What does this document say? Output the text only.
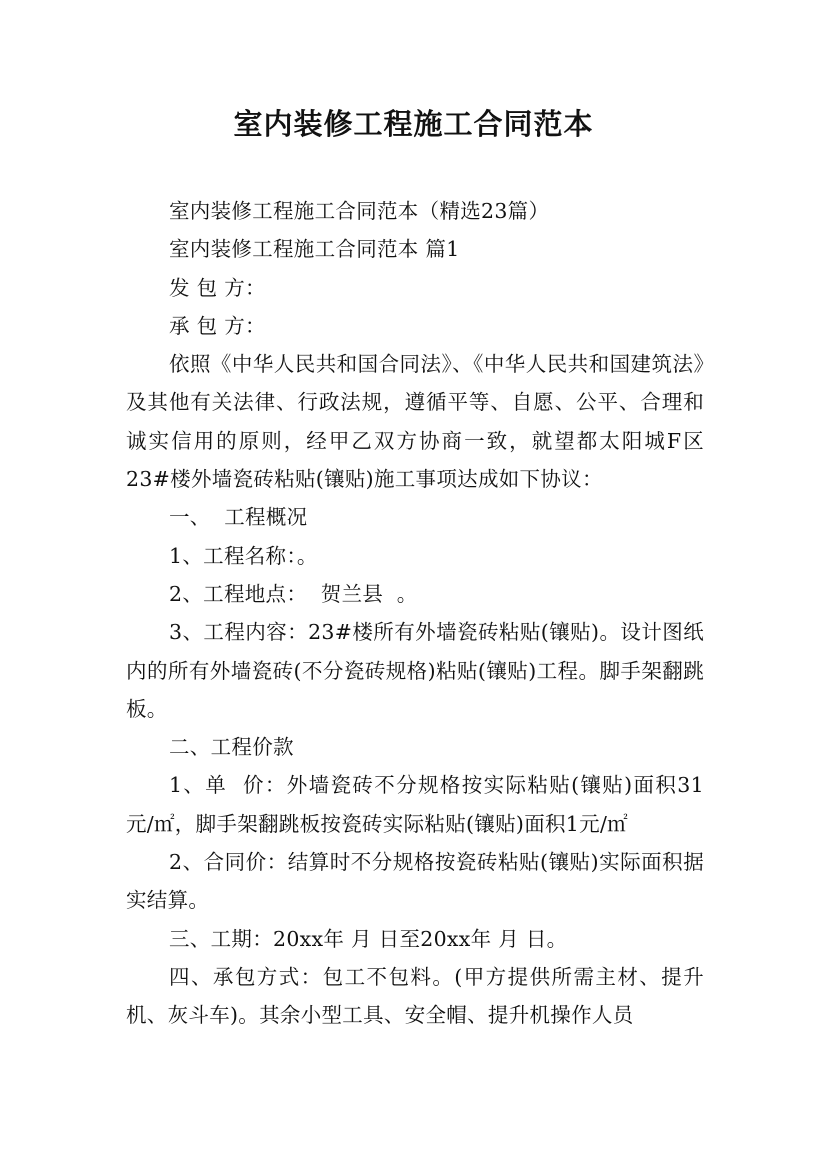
室内装修工程施工合同范本

室内装修工程施工合同范本（精选23篇）

室内装修工程施工合同范本 篇1

发 包 方：

承 包 方：

依照《中华人民共和国合同法》、《中华人民共和国建筑法》及其他有关法律、行政法规，遵循平等、自愿、公平、合理和诚实信用的原则，经甲乙双方协商一致，就望都太阳城F区23#楼外墙瓷砖粘贴(镶贴)施工事项达成如下协议：

一、  工程概况

1、工程名称：。

2、工程地点：  贺兰县  。

3、工程内容：23#楼所有外墙瓷砖粘贴(镶贴)。设计图纸内的所有外墙瓷砖(不分瓷砖规格)粘贴(镶贴)工程。脚手架翻跳板。

二、工程价款

1、单  价：外墙瓷砖不分规格按实际粘贴(镶贴)面积31元/㎡，脚手架翻跳板按瓷砖实际粘贴(镶贴)面积1元/㎡

2、合同价：结算时不分规格按瓷砖粘贴(镶贴)实际面积据实结算。

三、工期：20xx年 月 日至20xx年 月 日。

四、承包方式：包工不包料。(甲方提供所需主材、提升机、灰斗车)。其余小型工具、安全帽、提升机操作人员
